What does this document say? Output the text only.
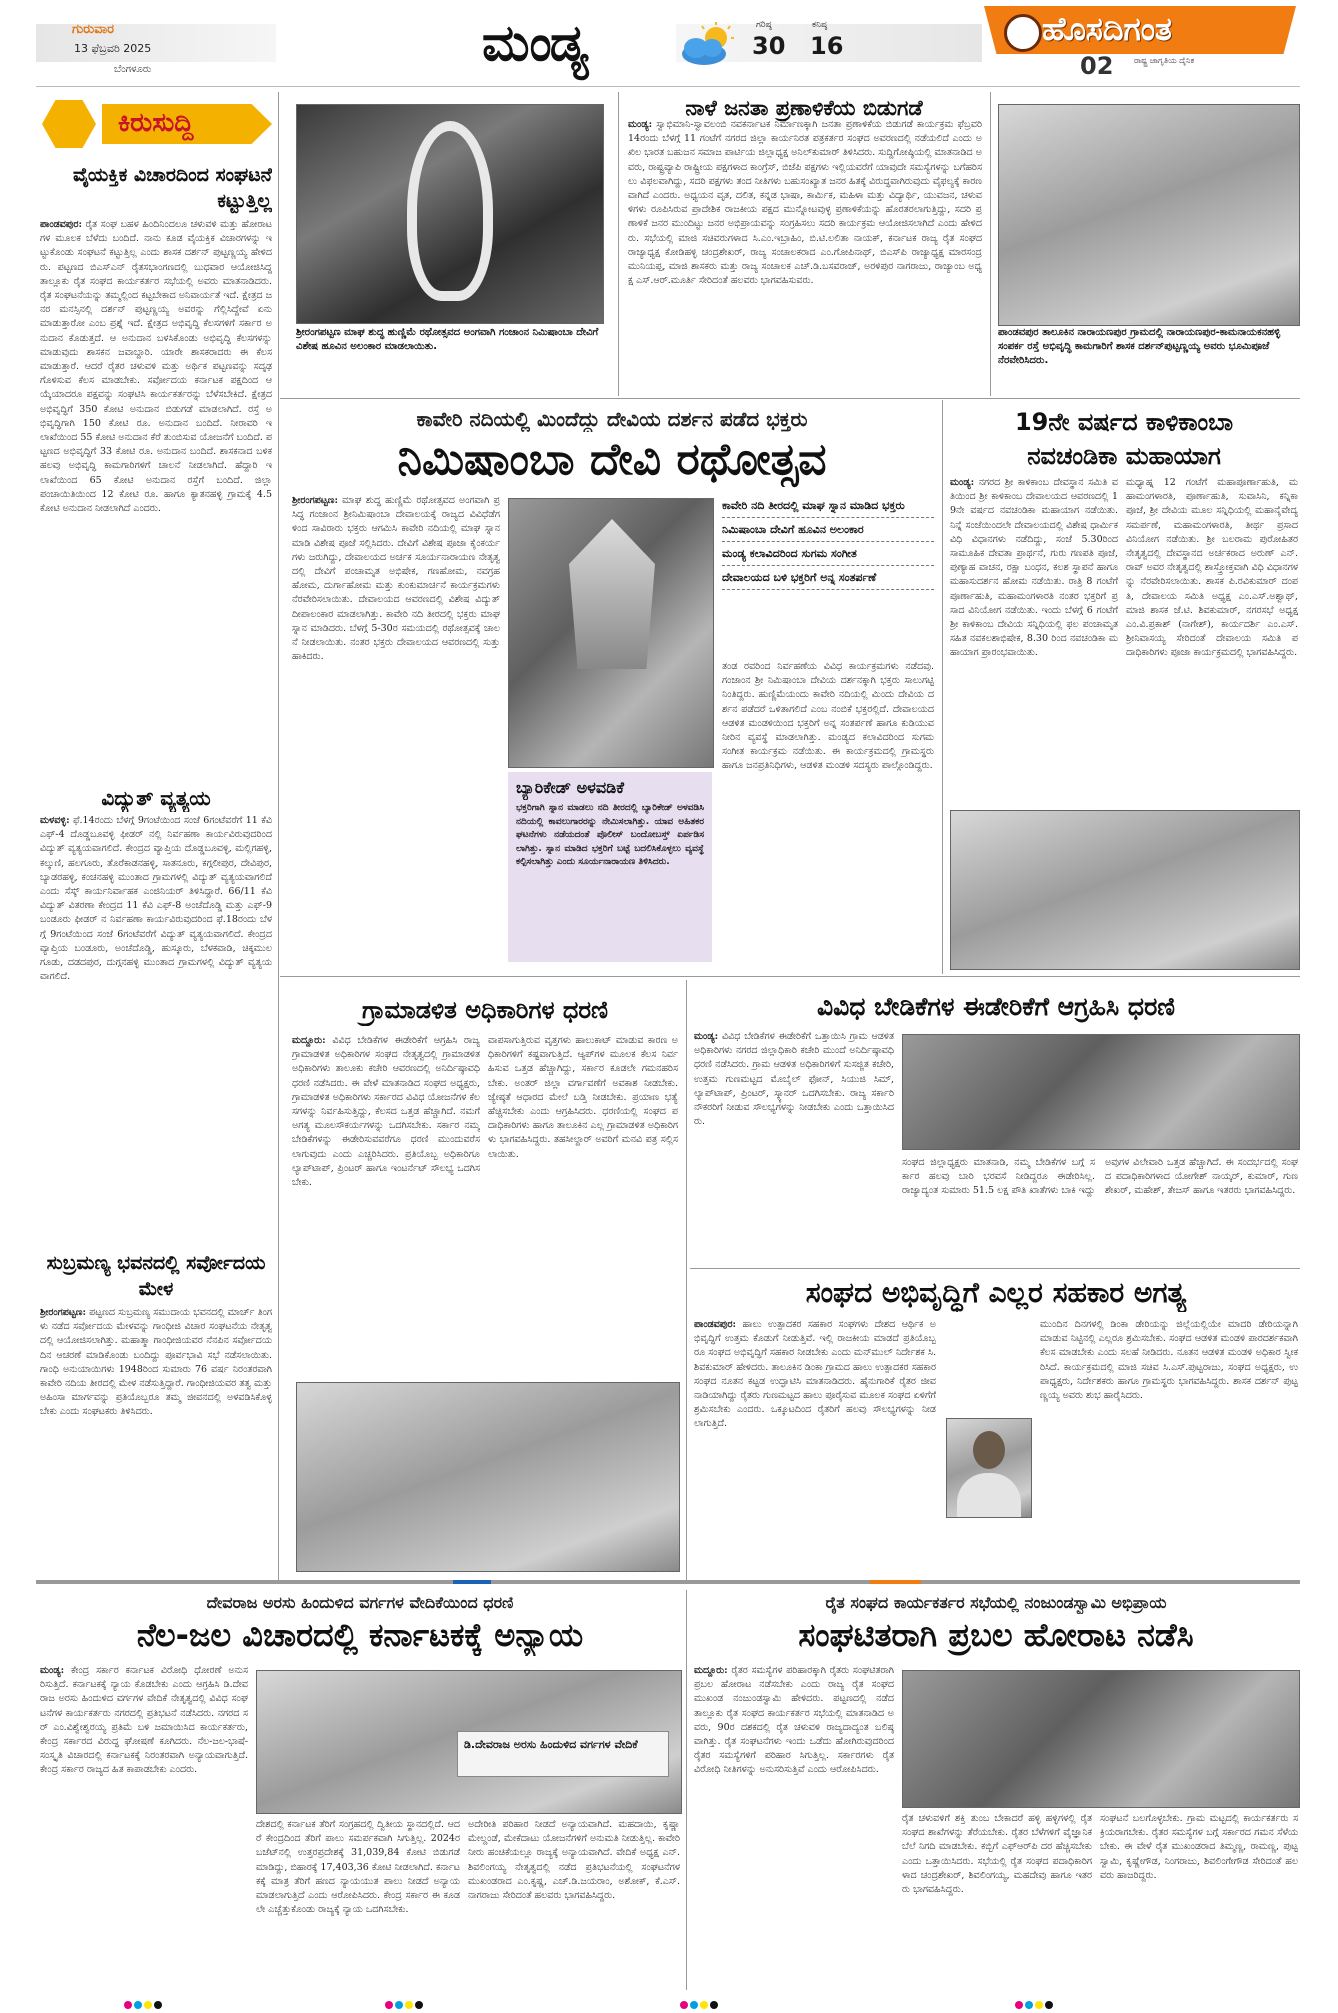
ಗುರುವಾರ
13 ಫೆಬ್ರವರಿ 2025
ಬೆಂಗಳೂರು	ಮಂಡ್ಯ	ಗರಿಷ್ಠ
30
ಕನಿಷ್ಠ
16	ಹೊಸದಿಗಂತ
ರಾಷ್ಟ್ರ ಜಾಗೃತಿಯ ದೈನಿಕ
02
ಕಿರುಸುದ್ದಿ
ವೈಯಕ್ತಿಕ ವಿಚಾರದಿಂದ ಸಂಘಟನೆ ಕಟ್ಟುತ್ತಿಲ್ಲ
ಪಾಂಡವಪುರ: ರೈತ ಸಂಘ ಬಹಳ ಹಿಂದಿನಿಂದಲೂ ಚಳುವಳಿ ಮತ್ತು ಹೋರಾಟಗಳ ಮೂಲಕ ಬೆಳೆದು ಬಂದಿದೆ. ನಾನು ಕೂಡ ವೈಯಕ್ತಿಕ ವಿಚಾರಗಳನ್ನು ಇಟ್ಟುಕೊಂಡು ಸಂಘಟನೆ ಕಟ್ಟುತ್ತಿಲ್ಲ ಎಂದು ಶಾಸಕ ದರ್ಶನ್ ಪುಟ್ಟಣ್ಣಯ್ಯ ಹೇಳಿದರು. ಪಟ್ಟಣದ ಬಿಎಸ್‌ಎನ್ ರೈತಸಭಾಂಗಣದಲ್ಲಿ ಬುಧವಾರ ಆಯೋಜಿಸಿದ್ದ ತಾಲ್ಲೂಕು ರೈತ ಸಂಘದ ಕಾರ್ಯಕರ್ತರ ಸಭೆಯಲ್ಲಿ ಅವರು ಮಾತನಾಡಿದರು. ರೈತ ಸಂಘಟನೆಯನ್ನು ತಮ್ಮಲ್ಲಿಂದ ಕಟ್ಟಬೇಕಾದ ಅನಿವಾರ್ಯತೆ ಇದೆ. ಕ್ಷೇತ್ರದ ಜನರ ಮನಸ್ಸಿನಲ್ಲಿ ದರ್ಶನ್ ಪುಟ್ಟಣ್ಣಯ್ಯ ಅವರನ್ನು ಗೆಲ್ಲಿಸಿದ್ದೇವೆ ಏನು ಮಾಡುತ್ತಾರೋ ಎಂಬ ಪ್ರಶ್ನೆ ಇದೆ. ಕ್ಷೇತ್ರದ ಅಭಿವೃದ್ಧಿ ಕೆಲಸಗಳಿಗೆ ಸರ್ಕಾರ ಅನುದಾನ ಕೊಡುತ್ತದೆ. ಆ ಅನುದಾನ ಬಳಸಿಕೊಂಡು ಅಭಿವೃದ್ಧಿ ಕೆಲಸಗಳನ್ನು ಮಾಡುವುದು ಶಾಸಕನ ಜವಾಬ್ದಾರಿ. ಯಾರೇ ಶಾಸಕರಾದರು ಈ ಕೆಲಸ ಮಾಡುತ್ತಾರೆ. ಆದರೆ ರೈತರ ಚಳುವಳಿ ಮತ್ತು ಅರ್ಥಿಕ ಪಟ್ಟಣವನ್ನು ಸದೃಢಗೊಳಿಸುವ ಕೆಲಸ ಮಾಡಬೇಕು. ಸರ್ವೋದಯ ಕರ್ನಾಟಕ ಪಕ್ಷದಿಂದ ಆಯ್ಕೆಯಾದರೂ ಪಕ್ಷವನ್ನು ಸಂಘಟಿಸಿ ಕಾರ್ಯಕರ್ತರನ್ನು ಬೆಳೆಸಬೇಕಿದೆ. ಕ್ಷೇತ್ರದ ಅಭಿವೃದ್ಧಿಗೆ 350 ಕೋಟಿ ಅನುದಾನ ಬಿಡುಗಡೆ ಮಾಡಲಾಗಿದೆ. ರಸ್ತೆ ಅಭಿವೃದ್ಧಿಗಾಗಿ 150 ಕೋಟಿ ರೂ. ಅನುದಾನ ಬಂದಿದೆ. ನೀರಾವರಿ ಇಲಾಖೆಯಿಂದ 55 ಕೋಟಿ ಅನುದಾನ ಕೆರೆ ತುಂಬಿಸುವ ಯೋಜನೆಗೆ ಬಂದಿದೆ. ಪಟ್ಟಣದ ಅಭಿವೃದ್ಧಿಗೆ 33 ಕೋಟಿ ರೂ. ಅನುದಾನ ಬಂದಿದೆ. ಶಾಸಕನಾದ ಬಳಿಕ ಹಲವು ಅಭಿವೃದ್ಧಿ ಕಾಮಗಾರಿಗಳಿಗೆ ಚಾಲನೆ ನೀಡಲಾಗಿದೆ. ಹೆದ್ದಾರಿ ಇಲಾಖೆಯಿಂದ 65 ಕೋಟಿ ಅನುದಾನ ರಸ್ತೆಗೆ ಬಂದಿದೆ. ಜಿಲ್ಲಾ ಪಂಚಾಯಿತಿಯಿಂದ 12 ಕೋಟಿ ರೂ. ಹಾಗೂ ಕ್ಯಾತನಹಳ್ಳಿ ಗ್ರಾಮಕ್ಕೆ 4.5 ಕೋಟಿ ಅನುದಾನ ನೀಡಲಾಗಿದೆ ಎಂದರು.
ವಿದ್ಯುತ್ ವ್ಯತ್ಯಯ
ಮಳವಳ್ಳಿ: ಫೆ.14ರಂದು ಬೆಳಗ್ಗೆ 9ಗಂಟೆಯಿಂದ ಸಂಜೆ 6ಗಂಟೆವರೆಗೆ 11 ಕೆವಿ ಎಫ್-4 ದೊಡ್ಡಬೂವಳ್ಳಿ ಫೀಡರ್ ನಲ್ಲಿ ನಿರ್ವಹಣಾ ಕಾರ್ಯವಿರುವುದರಿಂದ ವಿದ್ಯುತ್ ವ್ಯತ್ಯಯವಾಗಲಿದೆ. ಕೇಂದ್ರದ ವ್ಯಾಪ್ತಿಯ ದೊಡ್ಡಬೂವಳ್ಳಿ, ಮಲ್ಲಿಗಹಳ್ಳಿ, ಕಲ್ಕುಣಿ, ಹಲಗೂರು, ತೊರೆಕಾಡನಹಳ್ಳಿ, ಸಾತನೂರು, ಕಗ್ಗಲೀಪುರ, ದೇವಿಪುರ, ಬ್ಯಾಡರಹಳ್ಳಿ, ಕಂಚನಹಳ್ಳಿ ಮುಂತಾದ ಗ್ರಾಮಗಳಲ್ಲಿ ವಿದ್ಯುತ್ ವ್ಯತ್ಯಯವಾಗಲಿದೆ ಎಂದು ಸೆಸ್ಕ್ ಕಾರ್ಯನಿರ್ವಾಹಕ ಎಂಜಿನಿಯರ್ ತಿಳಿಸಿದ್ದಾರೆ. 66/11 ಕೆವಿ ವಿದ್ಯುತ್ ವಿತರಣಾ ಕೇಂದ್ರದ 11 ಕೆವಿ ಎಫ್-8 ಅಂಚೆದೊಡ್ಡಿ ಮತ್ತು ಎಫ್-9 ಬಂಡೂರು ಫೀಡರ್ ನ ನಿರ್ವಹಣಾ ಕಾರ್ಯವಿರುವುದರಿಂದ ಫೆ.18ರಂದು ಬೆಳಗ್ಗೆ 9ಗಂಟೆಯಿಂದ ಸಂಜೆ 6ಗಂಟೆವರೆಗೆ ವಿದ್ಯುತ್ ವ್ಯತ್ಯಯವಾಗಲಿದೆ. ಕೇಂದ್ರದ ವ್ಯಾಪ್ತಿಯ ಬಂಡೂರು, ಅಂಚೆದೊಡ್ಡಿ, ಹುಸ್ಕೂರು, ಬೆಳಕವಾಡಿ, ಚಿಕ್ಕಮುಲಗೂಡು, ದಡದಪುರ, ದುಗ್ಗನಹಳ್ಳಿ ಮುಂತಾದ ಗ್ರಾಮಗಳಲ್ಲಿ ವಿದ್ಯುತ್ ವ್ಯತ್ಯಯವಾಗಲಿದೆ.
ಸುಬ್ರಮಣ್ಯ ಭವನದಲ್ಲಿ ಸರ್ವೋದಯ ಮೇಳ
ಶ್ರೀರಂಗಪಟ್ಟಣ: ಪಟ್ಟಣದ ಸುಬ್ರಮಣ್ಯ ಸಮುದಾಯ ಭವನದಲ್ಲಿ ಮಾರ್ಚ್ ತಿಂಗಳು ನಡೆದ ಸರ್ವೋದಯ ಮೇಳವನ್ನು ಗಾಂಧೀಜಿ ವಿಚಾರ ಸಂಘಟನೆಯ ನೇತೃತ್ವದಲ್ಲಿ ಆಯೋಜಿಸಲಾಗಿತ್ತು. ಮಹಾತ್ಮಾ ಗಾಂಧೀಜಿಯವರ ನೆನಪಿನ ಸರ್ವೋದಯ ದಿನ ಆಚರಣೆ ಮಾಡಿಕೊಂಡು ಬಂದಿದ್ದು ಪೂರ್ವಭಾವಿ ಸಭೆ ನಡೆಸಲಾಯಿತು. ಗಾಂಧಿ ಅನುಯಾಯಿಗಳು 1948ರಿಂದ ಸುಮಾರು 76 ವರ್ಷ ನಿರಂತರವಾಗಿ ಕಾವೇರಿ ನದಿಯ ತೀರದಲ್ಲಿ ಮೇಳ ನಡೆಸುತ್ತಿದ್ದಾರೆ. ಗಾಂಧೀಜಿಯವರ ತತ್ವ ಮತ್ತು ಅಹಿಂಸಾ ಮಾರ್ಗವನ್ನು ಪ್ರತಿಯೊಬ್ಬರೂ ತಮ್ಮ ಜೀವನದಲ್ಲಿ ಅಳವಡಿಸಿಕೊಳ್ಳಬೇಕು ಎಂದು ಸಂಘಟಕರು ತಿಳಿಸಿದರು.
ಶ್ರೀರಂಗಪಟ್ಟಣ ಮಾಘ ಶುದ್ಧ ಹುಣ್ಣಿಮೆ ರಥೋತ್ಸವದ ಅಂಗವಾಗಿ ಗಂಜಾಂನ ನಿಮಿಷಾಂಬಾ ದೇವಿಗೆ ವಿಶೇಷ ಹೂವಿನ ಅಲಂಕಾರ ಮಾಡಲಾಯಿತು.
ನಾಳೆ ಜನತಾ ಪ್ರಣಾಳಿಕೆಯ ಬಿಡುಗಡೆ
ಮಂಡ್ಯ: ಸ್ವಾಭಿಮಾನಿ-ಸ್ವಾವಲಂಬಿ ನವಕರ್ನಾಟಕ ನಿರ್ಮಾಣಕ್ಕಾಗಿ ಜನತಾ ಪ್ರಣಾಳಿಕೆಯ ಬಿಡುಗಡೆ ಕಾರ್ಯಕ್ರಮ ಫೆಬ್ರವರಿ 14ರಂದು ಬೆಳಗ್ಗೆ 11 ಗಂಟೆಗೆ ನಗರದ ಜಿಲ್ಲಾ ಕಾರ್ಯನಿರತ ಪತ್ರಕರ್ತರ ಸಂಘದ ಅವರಣದಲ್ಲಿ ನಡೆಯಲಿದೆ ಎಂದು ಅಖಿಲ ಭಾರತ ಬಹುಜನ ಸಮಾಜ ಪಾರ್ಟಿಯ ಜಿಲ್ಲಾಧ್ಯಕ್ಷ ಅನಿಲ್‌ಕುಮಾರ್ ತಿಳಿಸಿದರು. ಸುದ್ದಿಗೋಷ್ಠಿಯಲ್ಲಿ ಮಾತನಾಡಿದ ಅವರು, ರಾಷ್ಟ್ರವ್ಯಾಪಿ ರಾಷ್ಟ್ರೀಯ ಪಕ್ಷಗಳಾದ ಕಾಂಗ್ರೆಸ್, ಬಿಜೆಪಿ ಪಕ್ಷಗಳು ಇಲ್ಲಿಯವರೆಗೆ ಯಾವುದೇ ಸಮಸ್ಯೆಗಳನ್ನು ಬಗೆಹರಿಸಲು ವಿಫಲವಾಗಿದ್ದು, ಸದರಿ ಪಕ್ಷಗಳು ತಂದ ನೀತಿಗಳು ಬಹುಸಂಖ್ಯಾತ ಜನರ ಹಿತಕ್ಕೆ ವಿರುದ್ಧವಾಗಿರುವುದು ವೈಫಲ್ಯಕ್ಕೆ ಕಾರಣವಾಗಿದೆ ಎಂದರು. ಅಧ್ಯಯನ ವೃತ, ದಲಿತ, ಕನ್ನಡ ಭಾಷಾ, ಕಾರ್ಮಿಕ, ಮಹಿಳಾ ಮತ್ತು ವಿದ್ಯಾರ್ಥಿ, ಯುವಜನ, ಚಳುವಳಿಗಳು ರೂಪಿಸಿರುವ ಪ್ರಾದೇಶಿಕ ರಾಜಕೀಯ ಪಕ್ಷದ ಮುನ್ನೋಟವುಳ್ಳ ಪ್ರಣಾಳಿಕೆಯನ್ನು ಹೊರತರಲಾಗುತ್ತಿದ್ದು, ಸದರಿ ಪ್ರಣಾಳಿಕೆ ಜನರ ಮುಂದಿಟ್ಟು ಜನರ ಅಭಿಪ್ರಾಯವನ್ನು ಸಂಗ್ರಹಿಸಲು ಸದರಿ ಕಾರ್ಯಕ್ರಮ ಆಯೋಜಿಸಲಾಗಿದೆ ಎಂದು ಹೇಳಿದರು. ಸಭೆಯಲ್ಲಿ ಮಾಜಿ ಸಚಿವರುಗಳಾದ ಸಿ.ಎಂ.ಇಬ್ರಾಹಿಂ, ಬಿ.ಟಿ.ಲಲಿತಾ ನಾಯಕ್, ಕರ್ನಾಟಕ ರಾಜ್ಯ ರೈತ ಸಂಘದ ರಾಜ್ಯಾಧ್ಯಕ್ಷ ಕೋಡಿಹಳ್ಳಿ ಚಂದ್ರಶೇಖರ್, ರಾಜ್ಯ ಸಂಚಾಲಕರಾದ ಎಂ.ಗೋಪಿನಾಥ್, ಬಿಎಸ್‌ಪಿ ರಾಜ್ಯಾಧ್ಯಕ್ಷ ಮಾರಸಂದ್ರ ಮುನಿಯಪ್ಪ, ಮಾಜಿ ಶಾಸಕರು ಮತ್ತು ರಾಜ್ಯ ಸಂಚಾಲಕ ಎಚ್.ಡಿ.ಬಸವರಾಜ್, ಅರಳಿಪುರ ನಾಗರಾಜು, ರಾಜ್ಯಾಂಬ ಅಧ್ಯಕ್ಷ ಎಸ್.ಆರ್.ಮೂರ್ತಿ ಸೇರಿದಂತೆ ಹಲವರು ಭಾಗವಹಿಸುವರು.
ಪಾಂಡವಪುರ ತಾಲೂಕಿನ ನಾರಾಯಣಪುರ ಗ್ರಾಮದಲ್ಲಿ ನಾರಾಯಣಪುರ-ಕಾಮನಾಯಕನಹಳ್ಳಿ ಸಂಪರ್ಕ ರಸ್ತೆ ಅಭಿವೃದ್ಧಿ ಕಾಮಗಾರಿಗೆ ಶಾಸಕ ದರ್ಶನ್‌ಪುಟ್ಟಣ್ಣಯ್ಯ ಅವರು ಭೂಮಿಪೂಜೆ ನೆರವೇರಿಸಿದರು.
ಕಾವೇರಿ ನದಿಯಲ್ಲಿ ಮಿಂದೆದ್ದು ದೇವಿಯ ದರ್ಶನ ಪಡೆದ ಭಕ್ತರು
ನಿಮಿಷಾಂಬಾ ದೇವಿ ರಥೋತ್ಸವ
ಶ್ರೀರಂಗಪಟ್ಟಣ: ಮಾಘ ಶುದ್ಧ ಹುಣ್ಣಿಮೆ ರಥೋತ್ಸವದ ಅಂಗವಾಗಿ ಪ್ರಸಿದ್ಧ ಗಂಜಾಂನ ಶ್ರೀನಿಮಿಷಾಂಬಾ ದೇವಾಲಯಕ್ಕೆ ರಾಜ್ಯದ ವಿವಿಧೆಡೆಗಳಿಂದ ಸಾವಿರಾರು ಭಕ್ತರು ಆಗಮಿಸಿ ಕಾವೇರಿ ನದಿಯಲ್ಲಿ ಮಾಘ ಸ್ನಾನ ಮಾಡಿ ವಿಶೇಷ ಪೂಜೆ ಸಲ್ಲಿಸಿದರು. ದೇವಿಗೆ ವಿಶೇಷ ಪೂಜಾ ಕೈಂಕರ್ಯಗಳು ಜರುಗಿದ್ದು, ದೇವಾಲಯದ ಅರ್ಚಕ ಸೂರ್ಯನಾರಾಯಣ ನೇತೃತ್ವದಲ್ಲಿ ದೇವಿಗೆ ಪಂಚಾಮೃತ ಅಭಿಷೇಕ, ಗಣಹೋಮ, ನವಗ್ರಹ ಹೋಮ, ದುರ್ಗಾಹೋಮ ಮತ್ತು ಕುಂಕುಮಾರ್ಚನೆ ಕಾರ್ಯಕ್ರಮಗಳು ನೆರವೇರಿಸಲಾಯಿತು. ದೇವಾಲಯದ ಆವರಣದಲ್ಲಿ ವಿಶೇಷ ವಿದ್ಯುತ್ ದೀಪಾಲಂಕಾರ ಮಾಡಲಾಗಿತ್ತು. ಕಾವೇರಿ ನದಿ ತೀರದಲ್ಲಿ ಭಕ್ತರು ಮಾಘ ಸ್ನಾನ ಮಾಡಿದರು. ಬೆಳಗ್ಗೆ 5-30ರ ಸಮಯದಲ್ಲಿ ರಥೋತ್ಸವಕ್ಕೆ ಚಾಲನೆ ನೀಡಲಾಯಿತು. ನಂತರ ಭಕ್ತರು ದೇವಾಲಯದ ಆವರಣದಲ್ಲಿ ಸುತ್ತು ಹಾಕಿದರು.
ಬ್ಯಾರಿಕೇಡ್ ಅಳವಡಿಕೆ
ಭಕ್ತರಿಗಾಗಿ ಸ್ನಾನ ಮಾಡಲು ನದಿ ತೀರದಲ್ಲಿ ಬ್ಯಾರಿಕೇಡ್ ಅಳವಡಿಸಿ ನದಿಯಲ್ಲಿ ಕಾವಲುಗಾರರನ್ನು ನೇಮಿಸಲಾಗಿತ್ತು. ಯಾವ ಅಹಿತಕರ ಘಟನೆಗಳು ನಡೆಯದಂತೆ ಪೊಲೀಸ್ ಬಂದೋಬಸ್ತ್ ಏರ್ಪಡಿಸಲಾಗಿತ್ತು. ಸ್ನಾನ ಮಾಡಿದ ಭಕ್ತರಿಗೆ ಬಟ್ಟೆ ಬದಲಿಸಿಕೊಳ್ಳಲು ವ್ಯವಸ್ಥೆ ಕಲ್ಪಿಸಲಾಗಿತ್ತು ಎಂದು ಸೂರ್ಯನಾರಾಯಣ ತಿಳಿಸಿದರು.
ಕಾವೇರಿ ನದಿ ತೀರದಲ್ಲಿ ಮಾಘ ಸ್ನಾನ ಮಾಡಿದ ಭಕ್ತರು
ನಿಮಿಷಾಂಬಾ ದೇವಿಗೆ ಹೂವಿನ ಅಲಂಕಾರ
ಮಂಡ್ಯ ಕಲಾವಿದರಿಂದ ಸುಗಮ ಸಂಗೀತ
ದೇವಾಲಯದ ಬಳಿ ಭಕ್ತರಿಗೆ ಅನ್ನ ಸಂತರ್ಪಣೆ
ತಂಡ ರವರಿಂದ ನಿರ್ವಹಣೆಯ ವಿವಿಧ ಕಾರ್ಯಕ್ರಮಗಳು ನಡೆದವು. ಗಂಜಾಂನ ಶ್ರೀ ನಿಮಿಷಾಂಬಾ ದೇವಿಯ ದರ್ಶನಕ್ಕಾಗಿ ಭಕ್ತರು ಸಾಲುಗಟ್ಟಿ ನಿಂತಿದ್ದರು. ಹುಣ್ಣಿಮೆಯಂದು ಕಾವೇರಿ ನದಿಯಲ್ಲಿ ಮಿಂದು ದೇವಿಯ ದರ್ಶನ ಪಡೆದರೆ ಒಳಿತಾಗಲಿದೆ ಎಂಬ ನಂಬಿಕೆ ಭಕ್ತರಲ್ಲಿದೆ. ದೇವಾಲಯದ ಆಡಳಿತ ಮಂಡಳಿಯಿಂದ ಭಕ್ತರಿಗೆ ಅನ್ನ ಸಂತರ್ಪಣೆ ಹಾಗೂ ಕುಡಿಯುವ ನೀರಿನ ವ್ಯವಸ್ಥೆ ಮಾಡಲಾಗಿತ್ತು. ಮಂಡ್ಯದ ಕಲಾವಿದರಿಂದ ಸುಗಮ ಸಂಗೀತ ಕಾರ್ಯಕ್ರಮ ನಡೆಯಿತು. ಈ ಕಾರ್ಯಕ್ರಮದಲ್ಲಿ ಗ್ರಾಮಸ್ಥರು ಹಾಗೂ ಜನಪ್ರತಿನಿಧಿಗಳು, ಆಡಳಿತ ಮಂಡಳಿ ಸದಸ್ಯರು ಪಾಲ್ಗೊಂಡಿದ್ದರು.
19ನೇ ವರ್ಷದ ಕಾಳಿಕಾಂಬಾ
ನವಚಂಡಿಕಾ ಮಹಾಯಾಗ
ಮಂಡ್ಯ: ನಗರದ ಶ್ರೀ ಕಾಳಿಕಾಂಬ ದೇವಸ್ಥಾನ ಸಮಿತಿ ವತಿಯಿಂದ ಶ್ರೀ ಕಾಳಿಕಾಂಬ ದೇವಾಲಯದ ಆವರಣದಲ್ಲಿ 19ನೇ ವರ್ಷದ ನವಚಂಡಿಕಾ ಮಹಾಯಾಗ ನಡೆಯಿತು. ನಿನ್ನೆ ಸಂಜೆಯಿಂದಲೇ ದೇವಾಲಯದಲ್ಲಿ ವಿಶೇಷ ಧಾರ್ಮಿಕ ವಿಧಿ ವಿಧಾನಗಳು ನಡೆದಿದ್ದು, ಸಂಜೆ 5.30ರಿಂದ ಸಾಮೂಹಿಕ ದೇವತಾ ಪ್ರಾರ್ಥನೆ, ಗುರು ಗಣಪತಿ ಪೂಜೆ, ಪುಣ್ಯಾಹ ವಾಚನ, ರಕ್ಷಾ ಬಂಧನ, ಕಲಶ ಸ್ಥಾಪನೆ ಹಾಗೂ ಮಹಾಸುದರ್ಶನ ಹೋಮ ನಡೆಯಿತು. ರಾತ್ರಿ 8 ಗಂಟೆಗೆ ಪೂರ್ಣಾಹುತಿ, ಮಹಾಮಂಗಳಾರತಿ ನಂತರ ಭಕ್ತರಿಗೆ ಪ್ರಸಾದ ವಿನಿಯೋಗ ನಡೆಯಿತು. ಇಂದು ಬೆಳಗ್ಗೆ 6 ಗಂಟೆಗೆ ಶ್ರೀ ಕಾಳಿಕಾಂಬ ದೇವಿಯ ಸನ್ನಿಧಿಯಲ್ಲಿ ಫಲ ಪಂಚಾಮೃತ ಸಹಿತ ನವಕಲಶಾಭಿಷೇಕ, 8.30 ರಿಂದ ನವಚಂಡಿಕಾ ಮಹಾಯಾಗ ಪ್ರಾರಂಭವಾಯಿತು.
ಮಧ್ಯಾಹ್ನ 12 ಗಂಟೆಗೆ ಮಹಾಪೂರ್ಣಾಹುತಿ, ಮಹಾಮಂಗಳಾರತಿ, ಪೂರ್ಣಾಹುತಿ, ಸುವಾಸಿನಿ, ಕನ್ನಿಕಾ ಪೂಜೆ, ಶ್ರೀ ದೇವಿಯ ಮೂಲ ಸನ್ನಿಧಿಯಲ್ಲಿ ಮಹಾನೈವೇದ್ಯ ಸಮರ್ಪಣೆ, ಮಹಾಮಂಗಳಾರತಿ, ತೀರ್ಥ ಪ್ರಸಾದ ವಿನಿಯೋಗ ನಡೆಯಿತು. ಶ್ರೀ ಬಲರಾಮ ಪುರೋಹಿತರ ನೇತೃತ್ವದಲ್ಲಿ ದೇವಸ್ಥಾನದ ಅರ್ಚಕರಾದ ಅರುಣ್ ಎನ್.ರಾವ್ ಅವರ ನೇತೃತ್ವದಲ್ಲಿ ಶಾಸ್ತ್ರೋಕ್ತವಾಗಿ ವಿಧಿ ವಿಧಾನಗಳನ್ನು ನೆರವೇರಿಸಲಾಯಿತು. ಶಾಸಕ ಪಿ.ರವಿಕುಮಾರ್ ದಂಪತಿ, ದೇವಾಲಯ ಸಮಿತಿ ಅಧ್ಯಕ್ಷ ಎಂ.ಎಸ್.ಅಶ್ವಾಥ್, ಮಾಜಿ ಶಾಸಕ ಜೆ.ಟಿ. ಶಿವಕುಮಾರ್, ನಗರಸಭೆ ಅಧ್ಯಕ್ಷ ಎಂ.ವಿ.ಪ್ರಕಾಶ್ (ನಾಗೇಶ್), ಕಾರ್ಯದರ್ಶಿ ಎಂ.ಎಸ್.ಶ್ರೀನಿವಾಸಯ್ಯ ಸೇರಿದಂತೆ ದೇವಾಲಯ ಸಮಿತಿ ಪದಾಧಿಕಾರಿಗಳು ಪೂಜಾ ಕಾರ್ಯಕ್ರಮದಲ್ಲಿ ಭಾಗವಹಿಸಿದ್ದರು.
ಗ್ರಾಮಾಡಳಿತ ಅಧಿಕಾರಿಗಳ ಧರಣಿ
ಮದ್ದೂರು: ವಿವಿಧ ಬೇಡಿಕೆಗಳ ಈಡೇರಿಕೆಗೆ ಆಗ್ರಹಿಸಿ ರಾಜ್ಯ ಗ್ರಾಮಾಡಳಿತ ಅಧಿಕಾರಿಗಳ ಸಂಘದ ನೇತೃತ್ವದಲ್ಲಿ ಗ್ರಾಮಾಡಳಿತ ಅಧಿಕಾರಿಗಳು ತಾಲೂಕು ಕಚೇರಿ ಆವರಣದಲ್ಲಿ ಅನಿರ್ದಿಷ್ಠಾವಧಿ ಧರಣಿ ನಡೆಸಿದರು. ಈ ವೇಳೆ ಮಾತನಾಡಿದ ಸಂಘದ ಅಧ್ಯಕ್ಷರು, ಗ್ರಾಮಾಡಳಿತ ಅಧಿಕಾರಿಗಳು ಸರ್ಕಾರದ ವಿವಿಧ ಯೋಜನೆಗಳ ಕೆಲಸಗಳನ್ನು ನಿರ್ವಹಿಸುತ್ತಿದ್ದು, ಕೆಲಸದ ಒತ್ತಡ ಹೆಚ್ಚಾಗಿದೆ. ನಮಗೆ ಅಗತ್ಯ ಮೂಲಸೌಕರ್ಯಗಳನ್ನು ಒದಗಿಸಬೇಕು. ಸರ್ಕಾರ ನಮ್ಮ ಬೇಡಿಕೆಗಳನ್ನು ಈಡೇರಿಸುವವರೆಗೂ ಧರಣಿ ಮುಂದುವರೆಸಲಾಗುವುದು ಎಂದು ಎಚ್ಚರಿಸಿದರು. ಪ್ರತಿಯೊಬ್ಬ ಅಧಿಕಾರಿಗೂ ಲ್ಯಾಪ್‌ಟಾಪ್, ಪ್ರಿಂಟರ್ ಹಾಗೂ ಇಂಟರ್ನೆಟ್ ಸೌಲಭ್ಯ ಒದಗಿಸಬೇಕು.
ವಾಪಸಾಗುತ್ತಿರುವ ವೃತ್ತಗಳು ಹಾಲುಕಾಟ್ ಮಾಡುವ ಕಾರಣ ಅಧಿಕಾರಿಗಳಿಗೆ ಕಷ್ಟವಾಗುತ್ತಿದೆ. ಆ್ಯಪ್‌ಗಳ ಮೂಲಕ ಕೆಲಸ ನಿರ್ವಹಿಸುವ ಒತ್ತಡ ಹೆಚ್ಚಾಗಿದ್ದು, ಸರ್ಕಾರ ಕೂಡಲೇ ಗಮನಹರಿಸಬೇಕು. ಅಂತರ್ ಜಿಲ್ಲಾ ವರ್ಗಾವಣೆಗೆ ಅವಕಾಶ ನೀಡಬೇಕು. ಜ್ಯೇಷ್ಠತೆ ಆಧಾರದ ಮೇಲೆ ಬಡ್ತಿ ನೀಡಬೇಕು. ಪ್ರಯಾಣ ಭತ್ಯೆ ಹೆಚ್ಚಿಸಬೇಕು ಎಂದು ಆಗ್ರಹಿಸಿದರು. ಧರಣಿಯಲ್ಲಿ ಸಂಘದ ಪದಾಧಿಕಾರಿಗಳು ಹಾಗೂ ತಾಲೂಕಿನ ಎಲ್ಲ ಗ್ರಾಮಾಡಳಿತ ಅಧಿಕಾರಿಗಳು ಭಾಗವಹಿಸಿದ್ದರು. ತಹಸೀಲ್ದಾರ್ ಅವರಿಗೆ ಮನವಿ ಪತ್ರ ಸಲ್ಲಿಸಲಾಯಿತು.
ವಿವಿಧ ಬೇಡಿಕೆಗಳ ಈಡೇರಿಕೆಗೆ ಆಗ್ರಹಿಸಿ ಧರಣಿ
ಮಂಡ್ಯ: ವಿವಿಧ ಬೇಡಿಕೆಗಳ ಈಡೇರಿಕೆಗೆ ಒತ್ತಾಯಿಸಿ ಗ್ರಾಮ ಆಡಳಿತ ಅಧಿಕಾರಿಗಳು ನಗರದ ಜಿಲ್ಲಾಧಿಕಾರಿ ಕಚೇರಿ ಮುಂದೆ ಅನಿರ್ದಿಷ್ಠಾವಧಿ ಧರಣಿ ನಡೆಸಿದರು. ಗ್ರಾಮ ಆಡಳಿತ ಅಧಿಕಾರಿಗಳಿಗೆ ಸುಸಜ್ಜಿತ ಕಚೇರಿ, ಉತ್ತಮ ಗುಣಮಟ್ಟದ ಮೊಬೈಲ್ ಫೋನ್, ಸಿಯುಜಿ ಸಿಮ್, ಲ್ಯಾಪ್‌ಟಾಪ್, ಪ್ರಿಂಟರ್, ಸ್ಕ್ಯಾನರ್ ಒದಗಿಸಬೇಕು. ರಾಜ್ಯ ಸರ್ಕಾರಿ ನೌಕರರಿಗೆ ನೀಡುವ ಸೌಲಭ್ಯಗಳನ್ನು ನೀಡಬೇಕು ಎಂದು ಒತ್ತಾಯಿಸಿದರು.
ಸಂಘದ ಜಿಲ್ಲಾಧ್ಯಕ್ಷರು ಮಾತನಾಡಿ, ನಮ್ಮ ಬೇಡಿಕೆಗಳ ಬಗ್ಗೆ ಸರ್ಕಾರ ಹಲವು ಬಾರಿ ಭರವಸೆ ನೀಡಿದ್ದರೂ ಈಡೇರಿಸಿಲ್ಲ. ರಾಜ್ಯಾದ್ಯಂತ ಸುಮಾರು 51.5 ಲಕ್ಷ ಪೌತಿ ಖಾತೆಗಳು ಬಾಕಿ ಇದ್ದು ಅವುಗಳ ವಿಲೇವಾರಿ ಒತ್ತಡ ಹೆಚ್ಚಾಗಿದೆ. ಈ ಸಂದರ್ಭದಲ್ಲಿ ಸಂಘದ ಪದಾಧಿಕಾರಿಗಳಾದ ಯೋಗೇಶ್ ನಾಯ್ಕರ್, ಕುಮಾರ್, ಗುಣಶೇಖರ್, ಮಹೇಶ್, ತೇಜಸ್ ಹಾಗೂ ಇತರರು ಭಾಗವಹಿಸಿದ್ದರು.
ಸಂಘದ ಅಭಿವೃದ್ಧಿಗೆ ಎಲ್ಲರ ಸಹಕಾರ ಅಗತ್ಯ
ಪಾಂಡವಪುರ: ಹಾಲು ಉತ್ಪಾದಕರ ಸಹಕಾರ ಸಂಘಗಳು ದೇಶದ ಆರ್ಥಿಕ ಅಭಿವೃದ್ಧಿಗೆ ಉತ್ತಮ ಕೊಡುಗೆ ನೀಡುತ್ತಿವೆ. ಇಲ್ಲಿ ರಾಜಕೀಯ ಮಾಡದೆ ಪ್ರತಿಯೊಬ್ಬರೂ ಸಂಘದ ಅಭಿವೃದ್ಧಿಗೆ ಸಹಕಾರ ನೀಡಬೇಕು ಎಂದು ಮನ್‌ಮುಲ್ ನಿರ್ದೇಶಕ ಸಿ.ಶಿವಕುಮಾರ್ ಹೇಳಿದರು. ತಾಲೂಕಿನ ಡಿಂಕಾ ಗ್ರಾಮದ ಹಾಲು ಉತ್ಪಾದಕರ ಸಹಕಾರ ಸಂಘದ ನೂತನ ಕಟ್ಟಡ ಉದ್ಘಾಟಿಸಿ ಮಾತನಾಡಿದರು. ಹೈನುಗಾರಿಕೆ ರೈತರ ಜೀವನಾಡಿಯಾಗಿದ್ದು ರೈತರು ಗುಣಮಟ್ಟದ ಹಾಲು ಪೂರೈಸುವ ಮೂಲಕ ಸಂಘದ ಏಳಿಗೆಗೆ ಶ್ರಮಿಸಬೇಕು ಎಂದರು. ಒಕ್ಕೂಟದಿಂದ ರೈತರಿಗೆ ಹಲವು ಸೌಲಭ್ಯಗಳನ್ನು ನೀಡಲಾಗುತ್ತಿದೆ.
ಮುಂದಿನ ದಿನಗಳಲ್ಲಿ ಡಿಂಕಾ ಡೇರಿಯನ್ನು ಜಿಲ್ಲೆಯಲ್ಲಿಯೇ ಮಾದರಿ ಡೇರಿಯನ್ನಾಗಿ ಮಾಡುವ ನಿಟ್ಟಿನಲ್ಲಿ ಎಲ್ಲರೂ ಶ್ರಮಿಸಬೇಕು. ಸಂಘದ ಆಡಳಿತ ಮಂಡಳಿ ಪಾರದರ್ಶಕವಾಗಿ ಕೆಲಸ ಮಾಡಬೇಕು ಎಂದು ಸಲಹೆ ನೀಡಿದರು. ನೂತನ ಆಡಳಿತ ಮಂಡಳಿ ಅಧಿಕಾರ ಸ್ವೀಕರಿಸಿದೆ. ಕಾರ್ಯಕ್ರಮದಲ್ಲಿ ಮಾಜಿ ಸಚಿವ ಸಿ.ಎಸ್.ಪುಟ್ಟರಾಜು, ಸಂಘದ ಅಧ್ಯಕ್ಷರು, ಉಪಾಧ್ಯಕ್ಷರು, ನಿರ್ದೇಶಕರು ಹಾಗೂ ಗ್ರಾಮಸ್ಥರು ಭಾಗವಹಿಸಿದ್ದರು. ಶಾಸಕ ದರ್ಶನ್ ಪುಟ್ಟಣ್ಣಯ್ಯ ಅವರು ಶುಭ ಹಾರೈಸಿದರು.
ದೇವರಾಜ ಅರಸು ಹಿಂದುಳಿದ ವರ್ಗಗಳ ವೇದಿಕೆಯಿಂದ ಧರಣಿ
ನೆಲ-ಜಲ ವಿಚಾರದಲ್ಲಿ ಕರ್ನಾಟಕಕ್ಕೆ ಅನ್ಯಾಯ
ಮಂಡ್ಯ: ಕೇಂದ್ರ ಸರ್ಕಾರ ಕರ್ನಾಟಕ ವಿರೋಧಿ ಧೋರಣೆ ಅನುಸರಿಸುತ್ತಿದೆ. ಕರ್ನಾಟಕಕ್ಕೆ ನ್ಯಾಯ ಕೊಡಬೇಕು ಎಂದು ಆಗ್ರಹಿಸಿ ಡಿ.ದೇವರಾಜ ಅರಸು ಹಿಂದುಳಿದ ವರ್ಗಗಳ ವೇದಿಕೆ ನೇತೃತ್ವದಲ್ಲಿ ವಿವಿಧ ಸಂಘಟನೆಗಳ ಕಾರ್ಯಕರ್ತರು ನಗರದಲ್ಲಿ ಪ್ರತಿಭಟನೆ ನಡೆಸಿದರು. ನಗರದ ಸರ್ ಎಂ.ವಿಶ್ವೇಶ್ವರಯ್ಯ ಪ್ರತಿಮೆ ಬಳಿ ಜಮಾಯಿಸಿದ ಕಾರ್ಯಕರ್ತರು, ಕೇಂದ್ರ ಸರ್ಕಾರದ ವಿರುದ್ಧ ಘೋಷಣೆ ಕೂಗಿದರು. ನೆಲ-ಜಲ-ಭಾಷೆ-ಸಂಸ್ಕೃತಿ ವಿಚಾರದಲ್ಲಿ ಕರ್ನಾಟಕಕ್ಕೆ ನಿರಂತರವಾಗಿ ಅನ್ಯಾಯವಾಗುತ್ತಿದೆ. ಕೇಂದ್ರ ಸರ್ಕಾರ ರಾಜ್ಯದ ಹಿತ ಕಾಪಾಡಬೇಕು ಎಂದರು.
ಡಿ.ದೇವರಾಜ ಅರಸು ಹಿಂದುಳಿದ ವರ್ಗಗಳ ವೇದಿಕೆ
ದೇಶದಲ್ಲಿ ಕರ್ನಾಟಕ ತೆರಿಗೆ ಸಂಗ್ರಹದಲ್ಲಿ ದ್ವಿತೀಯ ಸ್ಥಾನದಲ್ಲಿದೆ. ಆದರೆ ಕೇಂದ್ರದಿಂದ ತೆರಿಗೆ ಪಾಲು ಸಮರ್ಪಕವಾಗಿ ಸಿಗುತ್ತಿಲ್ಲ. 2024ರ ಬಜೆಟ್‌ನಲ್ಲಿ ಉತ್ತರಪ್ರದೇಶಕ್ಕೆ 31,039,84 ಕೋಟಿ ಬಿಡುಗಡೆ ಮಾಡಿದ್ದು, ಬಿಹಾರಕ್ಕೆ 17,403,36 ಕೋಟಿ ನೀಡಲಾಗಿದೆ. ಕರ್ನಾಟಕಕ್ಕೆ ಮಾತ್ರ ತೆರಿಗೆ ಹಣದ ನ್ಯಾಯಯುತ ಪಾಲು ನೀಡದೆ ಅನ್ಯಾಯ ಮಾಡಲಾಗುತ್ತಿದೆ ಎಂದು ಆರೋಪಿಸಿದರು. ಕೇಂದ್ರ ಸರ್ಕಾರ ಈ ಕೂಡಲೇ ಎಚ್ಚೆತ್ತುಕೊಂಡು ರಾಜ್ಯಕ್ಕೆ ನ್ಯಾಯ ಒದಗಿಸಬೇಕು.
ಅದೇರೀತಿ ಪರಿಹಾರ ನೀಡದೆ ಅನ್ಯಾಯವಾಗಿದೆ. ಮಹದಾಯಿ, ಕೃಷ್ಣಾ ಮೇಲ್ದಂಡೆ, ಮೇಕೆದಾಟು ಯೋಜನೆಗಳಿಗೆ ಅನುಮತಿ ನೀಡುತ್ತಿಲ್ಲ. ಕಾವೇರಿ ನೀರು ಹಂಚಿಕೆಯಲ್ಲೂ ರಾಜ್ಯಕ್ಕೆ ಅನ್ಯಾಯವಾಗಿದೆ. ವೇದಿಕೆ ಅಧ್ಯಕ್ಷ ಎನ್.ಶಿವಲಿಂಗಯ್ಯ ನೇತೃತ್ವದಲ್ಲಿ ನಡೆದ ಪ್ರತಿಭಟನೆಯಲ್ಲಿ ಸಂಘಟನೆಗಳ ಮುಖಂಡರಾದ ಎಂ.ಕೃಷ್ಣ, ಎಚ್.ಡಿ.ಜಯರಾಂ, ಅಶೋಕ್, ಕೆ.ಎಸ್.ನಾಗರಾಜು ಸೇರಿದಂತೆ ಹಲವರು ಭಾಗವಹಿಸಿದ್ದರು.
ರೈತ ಸಂಘದ ಕಾರ್ಯಕರ್ತರ ಸಭೆಯಲ್ಲಿ ನಂಜುಂಡಸ್ವಾಮಿ ಅಭಿಪ್ರಾಯ
ಸಂಘಟಿತರಾಗಿ ಪ್ರಬಲ ಹೋರಾಟ ನಡೆಸಿ
ಮದ್ದೂರು: ರೈತರ ಸಮಸ್ಯೆಗಳ ಪರಿಹಾರಕ್ಕಾಗಿ ರೈತರು ಸಂಘಟಿತರಾಗಿ ಪ್ರಬಲ ಹೋರಾಟ ನಡೆಸಬೇಕು ಎಂದು ರಾಜ್ಯ ರೈತ ಸಂಘದ ಮುಖಂಡ ನಂಜುಂಡಸ್ವಾಮಿ ಹೇಳಿದರು. ಪಟ್ಟಣದಲ್ಲಿ ನಡೆದ ತಾಲ್ಲೂಕು ರೈತ ಸಂಘದ ಕಾರ್ಯಕರ್ತರ ಸಭೆಯಲ್ಲಿ ಮಾತನಾಡಿದ ಅವರು, 90ರ ದಶಕದಲ್ಲಿ ರೈತ ಚಳುವಳಿ ರಾಜ್ಯದಾದ್ಯಂತ ಬಲಿಷ್ಠವಾಗಿತ್ತು. ರೈತ ಸಂಘಟನೆಗಳು ಇಂದು ಒಡೆದು ಹೋಗಿರುವುದರಿಂದ ರೈತರ ಸಮಸ್ಯೆಗಳಿಗೆ ಪರಿಹಾರ ಸಿಗುತ್ತಿಲ್ಲ. ಸರ್ಕಾರಗಳು ರೈತ ವಿರೋಧಿ ನೀತಿಗಳನ್ನು ಅನುಸರಿಸುತ್ತಿವೆ ಎಂದು ಆರೋಪಿಸಿದರು.
ರೈತ ಚಳುವಳಿಗೆ ಶಕ್ತಿ ತುಂಬ ಬೇಕಾದರೆ ಹಳ್ಳಿ ಹಳ್ಳಿಗಳಲ್ಲಿ ರೈತ ಸಂಘದ ಶಾಖೆಗಳನ್ನು ತೆರೆಯಬೇಕು. ರೈತರ ಬೆಳೆಗಳಿಗೆ ವೈಜ್ಞಾನಿಕ ಬೆಲೆ ನಿಗದಿ ಮಾಡಬೇಕು. ಕಬ್ಬಿಗೆ ಎಫ್‌ಆರ್‌ಪಿ ದರ ಹೆಚ್ಚಿಸಬೇಕು ಎಂದು ಒತ್ತಾಯಿಸಿದರು. ಸಭೆಯಲ್ಲಿ ರೈತ ಸಂಘದ ಪದಾಧಿಕಾರಿಗಳಾದ ಚಂದ್ರಶೇಖರ್, ಶಿವಲಿಂಗಯ್ಯ, ಮಹದೇವು ಹಾಗೂ ಇತರರು ಭಾಗವಹಿಸಿದ್ದರು.
ಸಂಘಟನೆ ಬಲಗೊಳ್ಳಬೇಕು. ಗ್ರಾಮ ಮಟ್ಟದಲ್ಲಿ ಕಾರ್ಯಕರ್ತರು ಸಕ್ರಿಯರಾಗಬೇಕು. ರೈತರ ಸಮಸ್ಯೆಗಳ ಬಗ್ಗೆ ಸರ್ಕಾರದ ಗಮನ ಸೆಳೆಯಬೇಕು. ಈ ವೇಳೆ ರೈತ ಮುಖಂಡರಾದ ತಿಮ್ಮಣ್ಣ, ರಾಮಣ್ಣ, ಪುಟ್ಟಸ್ವಾಮಿ, ಕೃಷ್ಣೇಗೌಡ, ನಿಂಗರಾಜು, ಶಿವಲಿಂಗೇಗೌಡ ಸೇರಿದಂತೆ ಹಲವರು ಹಾಜರಿದ್ದರು.
